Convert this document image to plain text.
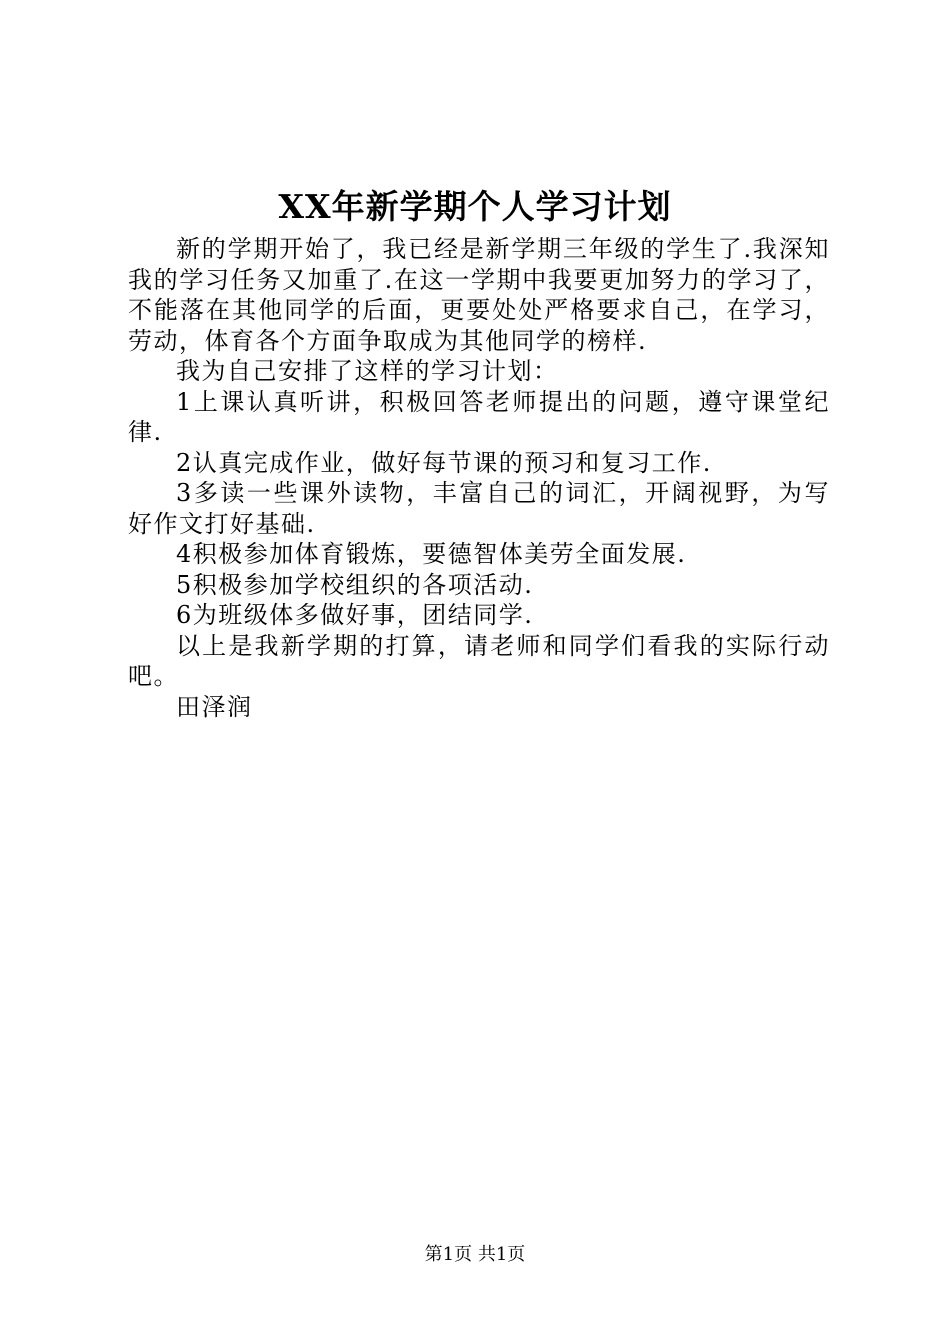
XX年新学期个人学习计划

新的学期开始了，我已经是新学期三年级的学生了.我深知我的学习任务又加重了.在这一学期中我要更加努力的学习了，不能落在其他同学的后面，更要处处严格要求自己，在学习，劳动，体育各个方面争取成为其他同学的榜样.

我为自己安排了这样的学习计划：

1上课认真听讲，积极回答老师提出的问题，遵守课堂纪律.

2认真完成作业，做好每节课的预习和复习工作.

3多读一些课外读物，丰富自己的词汇，开阔视野，为写好作文打好基础.

4积极参加体育锻炼，要德智体美劳全面发展.

5积极参加学校组织的各项活动.

6为班级体多做好事，团结同学.

以上是我新学期的打算，请老师和同学们看我的实际行动吧。

田泽润

第1页 共1页
